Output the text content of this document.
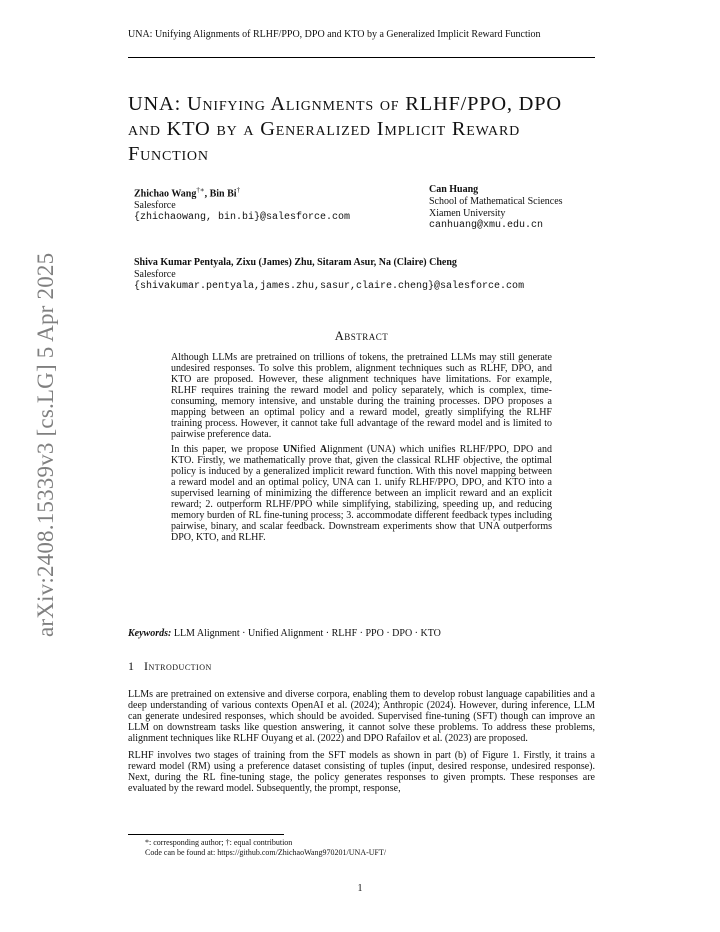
UNA: Unifying Alignments of RLHF/PPO, DPO and KTO by a Generalized Implicit Reward Function
arXiv:2408.15339v3 [cs.LG] 5 Apr 2025
UNA: Unifying Alignments of RLHF/PPO, DPO and KTO by a Generalized Implicit Reward Function
Zhichao Wang†∗, Bin Bi†
Salesforce
{zhichaowang, bin.bi}@salesforce.com
Can Huang
School of Mathematical Sciences
Xiamen University
canhuang@xmu.edu.cn
Shiva Kumar Pentyala, Zixu (James) Zhu, Sitaram Asur, Na (Claire) Cheng
Salesforce
{shivakumar.pentyala,james.zhu,sasur,claire.cheng}@salesforce.com
Abstract

Although LLMs are pretrained on trillions of tokens, the pretrained LLMs may still generate undesired responses. To solve this problem, alignment techniques such as RLHF, DPO, and KTO are proposed. However, these alignment techniques have limitations. For example, RLHF requires training the reward model and policy separately, which is complex, time-consuming, memory intensive, and unstable during the training processes. DPO proposes a mapping between an optimal policy and a reward model, greatly simplifying the RLHF training process. However, it cannot take full advantage of the reward model and is limited to pairwise preference data.

In this paper, we propose UNified Alignment (UNA) which unifies RLHF/PPO, DPO and KTO. Firstly, we mathematically prove that, given the classical RLHF objective, the optimal policy is induced by a generalized implicit reward function. With this novel mapping between a reward model and an optimal policy, UNA can 1. unify RLHF/PPO, DPO, and KTO into a supervised learning of minimizing the difference between an implicit reward and an explicit reward; 2. outperform RLHF/PPO while simplifying, stabilizing, speeding up, and reducing memory burden of RL fine-tuning process; 3. accommodate different feedback types including pairwise, binary, and scalar feedback. Downstream experiments show that UNA outperforms DPO, KTO, and RLHF.

Keywords: LLM Alignment · Unified Alignment · RLHF · PPO · DPO · KTO
1 Introduction

LLMs are pretrained on extensive and diverse corpora, enabling them to develop robust language capabilities and a deep understanding of various contexts OpenAI et al. (2024); Anthropic (2024). However, during inference, LLM can generate undesired responses, which should be avoided. Supervised fine-tuning (SFT) though can improve an LLM on downstream tasks like question answering, it cannot solve these problems. To address these problems, alignment techniques like RLHF Ouyang et al. (2022) and DPO Rafailov et al. (2023) are proposed.

RLHF involves two stages of training from the SFT models as shown in part (b) of Figure 1. Firstly, it trains a reward model (RM) using a preference dataset consisting of tuples (input, desired response, undesired response). Next, during the RL fine-tuning stage, the policy generates responses to given prompts. These responses are evaluated by the reward model. Subsequently, the prompt, response,

*: corresponding author; †: equal contribution
Code can be found at: https://github.com/ZhichaoWang970201/UNA-UFT/
1
